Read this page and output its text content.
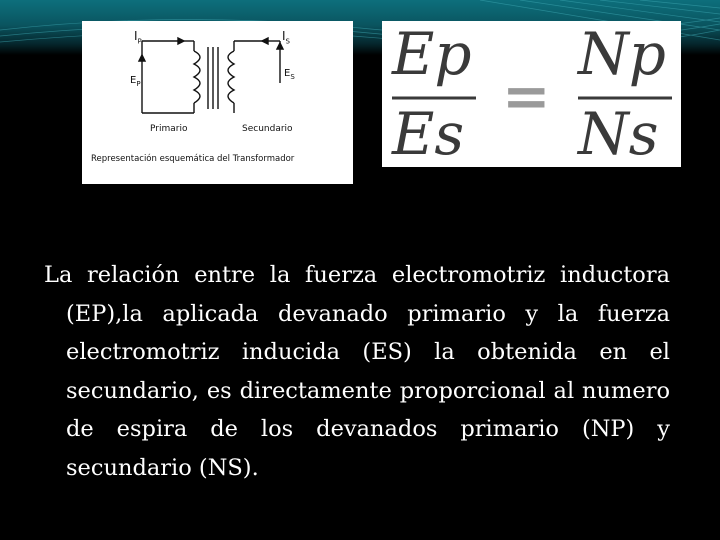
$I_P$	$I_S$
$E_P$
$E_S$
Primario	Secundario
Representación esquemática del Transformador
Ep
Es
=
Np
Ns

La relación entre la fuerza electromotriz inductora (EP),la aplicada devanado primario y la fuerza electromotriz inducida (ES) la obtenida en el secundario, es directamente proporcional al numero de espira de los devanados primario (NP) y secundario (NS).
